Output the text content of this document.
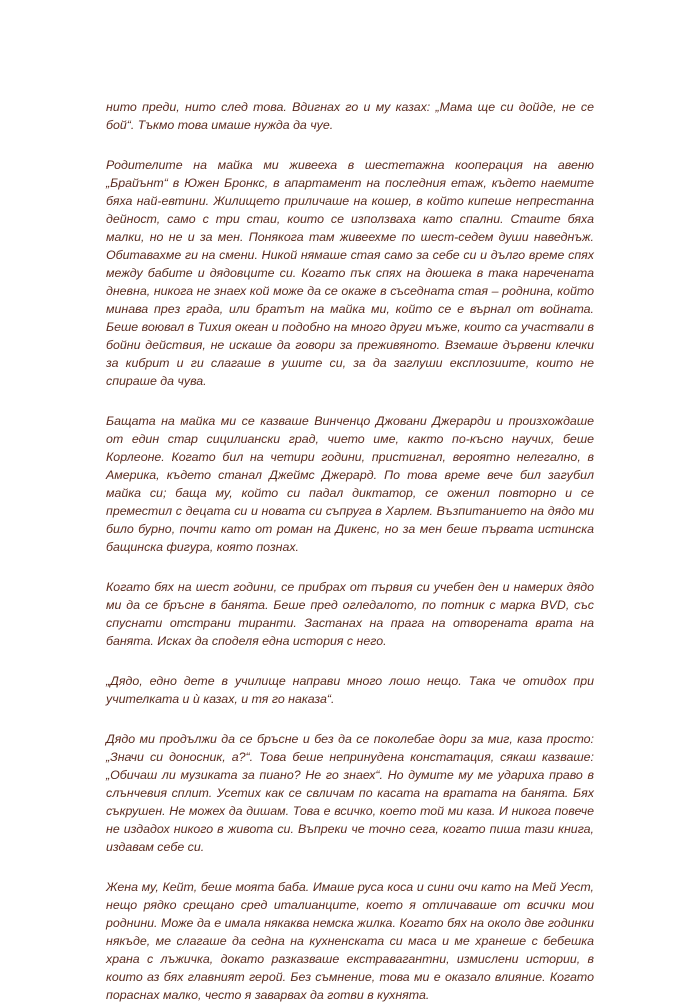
нито преди, нито след това. Вдигнах го и му казах: „Мама ще си дойде, не се бой“. Тъкмо това имаше нужда да чуе.

Родителите на майка ми живееха в шестетажна кооперация на авеню „Брайънт“ в Южен Бронкс, в апартамент на последния етаж, където наемите бяха най-евтини. Жилището приличаше на кошер, в който кипеше непрестанна дейност, само с три стаи, които се използваха като спални. Стаите бяха малки, но не и за мен. Понякога там живеехме по шест-седем души наведнъж. Обитавахме ги на смени. Никой нямаше стая само за себе си и дълго време спях между бабите и дядовците си. Когато пък спях на дюшека в така наречената дневна, никога не знаех кой може да се окаже в съседната стая – роднина, който минава през града, или братът на майка ми, който се е върнал от войната. Беше воювал в Тихия океан и подобно на много други мъже, които са участвали в бойни действия, не искаше да говори за преживяното. Вземаше дървени клечки за кибрит и ги слагаше в ушите си, за да заглуши експлозиите, които не спираше да чува.

Бащата на майка ми се казваше Винченцо Джовани Джерарди и произхождаше от един стар сицилиански град, чието име, както по-късно научих, беше Корлеоне. Когато бил на четири години, пристигнал, вероятно нелегално, в Америка, където станал Джеймс Джерард. По това време вече бил загубил майка си; баща му, който си падал диктатор, се оженил повторно и се преместил с децата си и новата си съпруга в Харлем. Възпитанието на дядо ми било бурно, почти като от роман на Дикенс, но за мен беше първата истинска бащинска фигура, която познах.

Когато бях на шест години, се прибрах от първия си учебен ден и намерих дядо ми да се бръсне в банята. Беше пред огледалото, по потник с марка BVD, със спуснати отстрани тиранти. Застанах на прага на отворената врата на банята. Исках да споделя една история с него.

„Дядо, едно дете в училище направи много лошо нещо. Така че отидох при учителката и ѝ казах, и тя го наказа“.

Дядо ми продължи да се бръсне и без да се поколебае дори за миг, каза просто: „Значи си доносник, а?“. Това беше непринудена констатация, сякаш казваше: „Обичаш ли музиката за пиано? Не го знаех“. Но думите му ме удариха право в слънчевия сплит. Усетих как се свличам по касата на вратата на банята. Бях съкрушен. Не можех да дишам. Това е всичко, което той ми каза. И никога повече не издадох никого в живота си. Въпреки че точно сега, когато пиша тази книга, издавам себе си.

Жена му, Кейт, беше моята баба. Имаше руса коса и сини очи като на Мей Уест, нещо рядко срещано сред италианците, което я отличаваше от всички мои роднини. Може да е имала някаква немска жилка. Когато бях на около две годинки някъде, ме слагаше да седна на кухненската си маса и ме хранеше с бебешка храна с лъжичка, докато разказваше екстравагантни, измислени истории, в които аз бях главният герой. Без съмнение, това ми е оказало влияние. Когато пораснах малко, често я заварвах да готви в кухнята.
